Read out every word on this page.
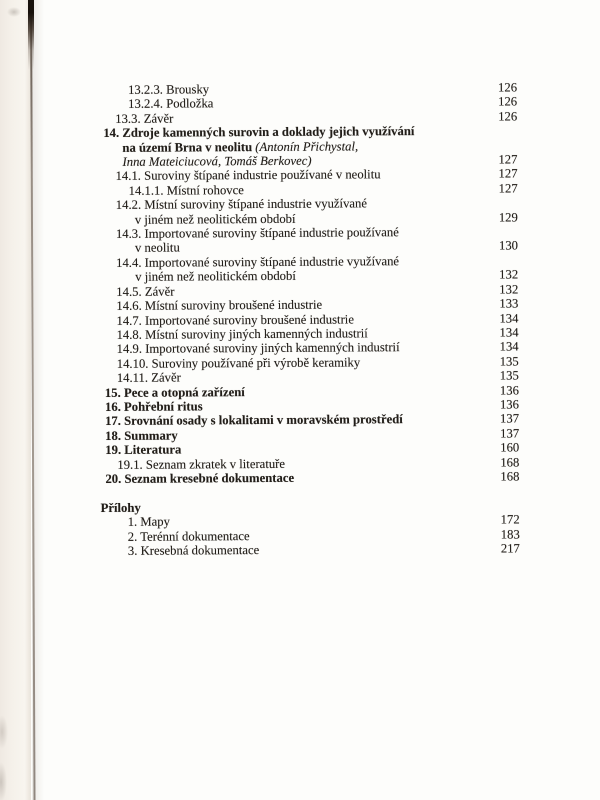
13.2.3. Brousky	126
13.2.4. Podložka	126
13.3. Závěr	126
14. Zdroje kamenných surovin a doklady jejich využívání
na území Brna v neolitu (Antonín Přichystal,
Inna Mateiciucová, Tomáš Berkovec)	127
14.1. Suroviny štípané industrie používané v neolitu	127
14.1.1. Místní rohovce	127
14.2. Místní suroviny štípané industrie využívané
v jiném než neolitickém období	129
14.3. Importované suroviny štípané industrie používané
v neolitu	130
14.4. Importované suroviny štípané industrie využívané
v jiném než neolitickém období	132
14.5. Závěr	132
14.6. Místní suroviny broušené industrie	133
14.7. Importované suroviny broušené industrie	134
14.8. Místní suroviny jiných kamenných industrií	134
14.9. Importované suroviny jiných kamenných industrií	134
14.10. Suroviny používané při výrobě keramiky	135
14.11. Závěr	135
15. Pece a otopná zařízení	136
16. Pohřební ritus	136
17. Srovnání osady s lokalitami v moravském prostředí	137
18. Summary	137
19. Literatura	160
19.1. Seznam zkratek v literatuře	168
20. Seznam kresebné dokumentace	168
Přílohy
1. Mapy	172
2. Terénní dokumentace	183
3. Kresebná dokumentace	217
